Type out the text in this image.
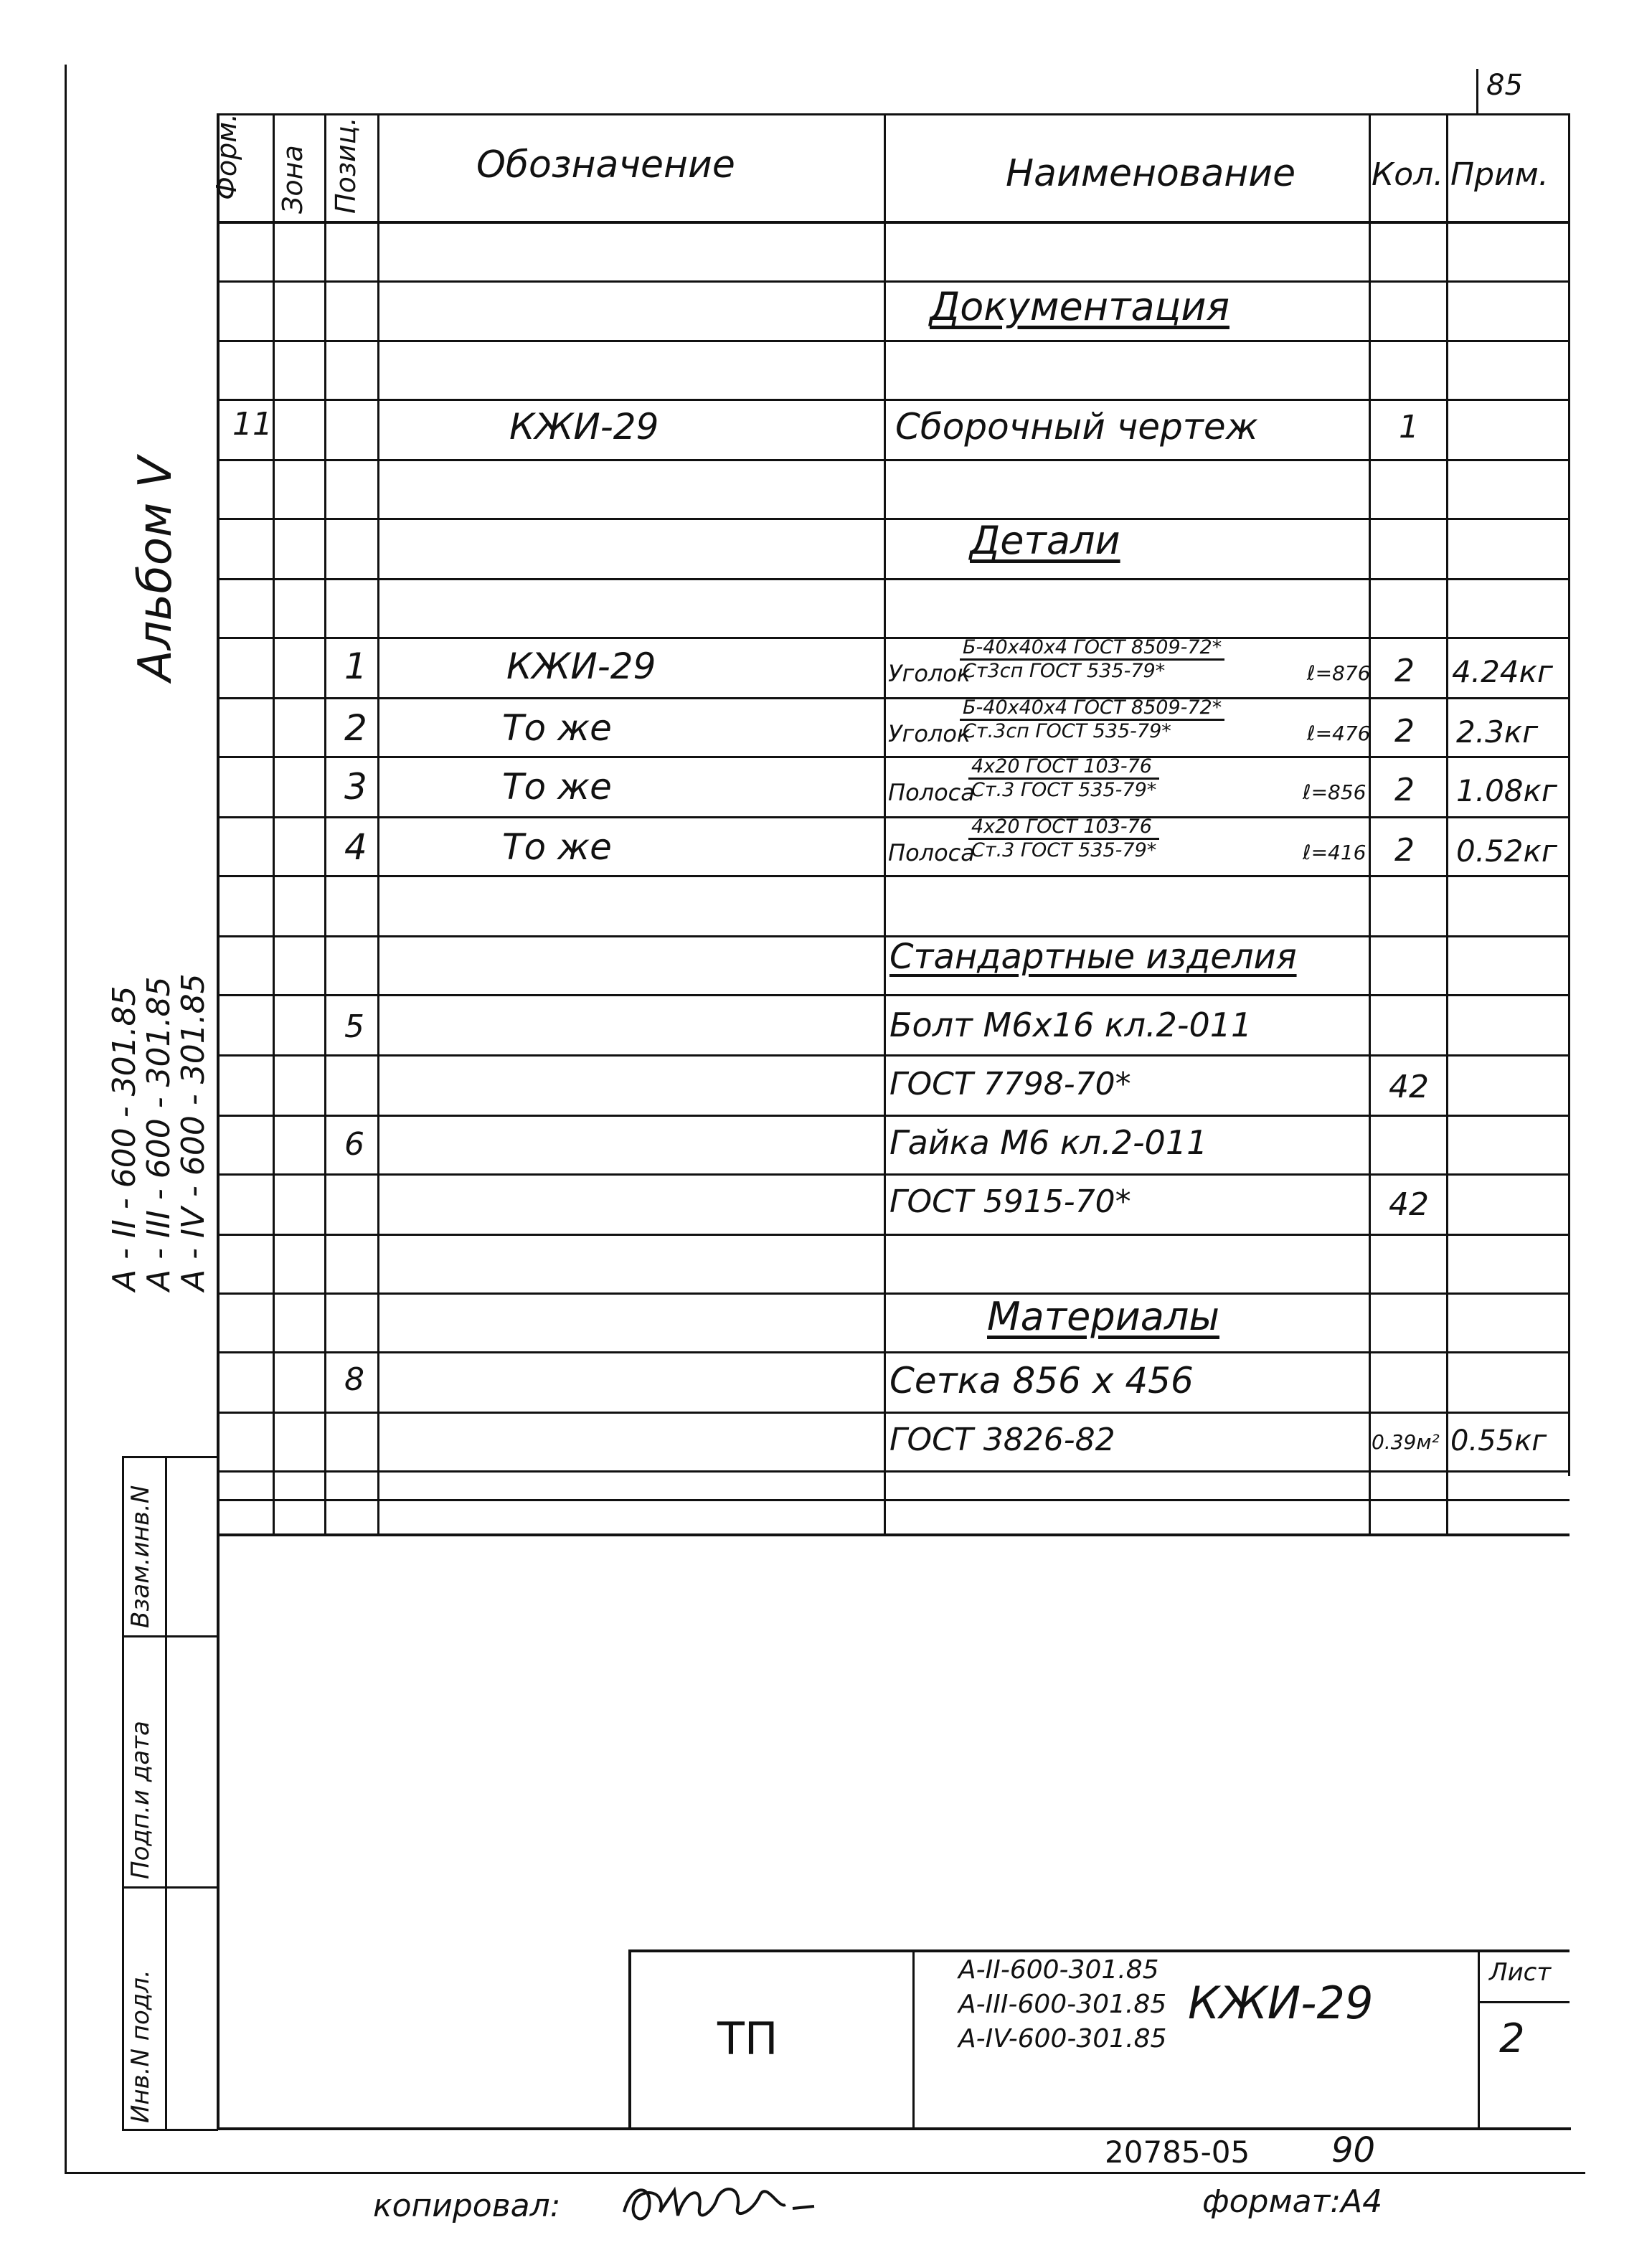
85
Альбом V
А - II - 600 - 301.85
А - III - 600 - 301.85
А - IV - 600 - 301.85
Взам.инв.N
Подп.и дата
Инв.N подл.
Форм. Зона Позиц.	Обозначение	Наименование Кол. Прим.
Документация
Детали
Стандартные изделия
Материалы
11	КЖИ-29	Сборочный чертеж	1
1	КЖИ-29	Уголок
Б-40х40х4 ГОСТ 8509-72*
Ст3сп ГОСТ 535-79*	ℓ=876 2 4.24кг
2	То же	Уголок
Б-40х40х4 ГОСТ 8509-72*
Ст.3сп ГОСТ 535-79*	ℓ=476 2 2.3кг
3	То же	Полоса
4х20 ГОСТ 103-76
Ст.3 ГОСТ 535-79*	ℓ=856 2 1.08кг
4	То же	Полоса
4х20 ГОСТ 103-76
Ст.3 ГОСТ 535-79*	ℓ=416 2 0.52кг
5	Болт М6х16 кл.2-011
ГОСТ 7798-70*	42
6	Гайка М6 кл.2-011
ГОСТ 5915-70*	42
8	Сетка 856 х 456
ГОСТ 3826-82	0.39м² 0.55кг
ТП
А-II-600-301.85
А-III-600-301.85
А-IV-600-301.85
КЖИ-29
Лист
2
20785-05 90
копировал:	формат:А4
